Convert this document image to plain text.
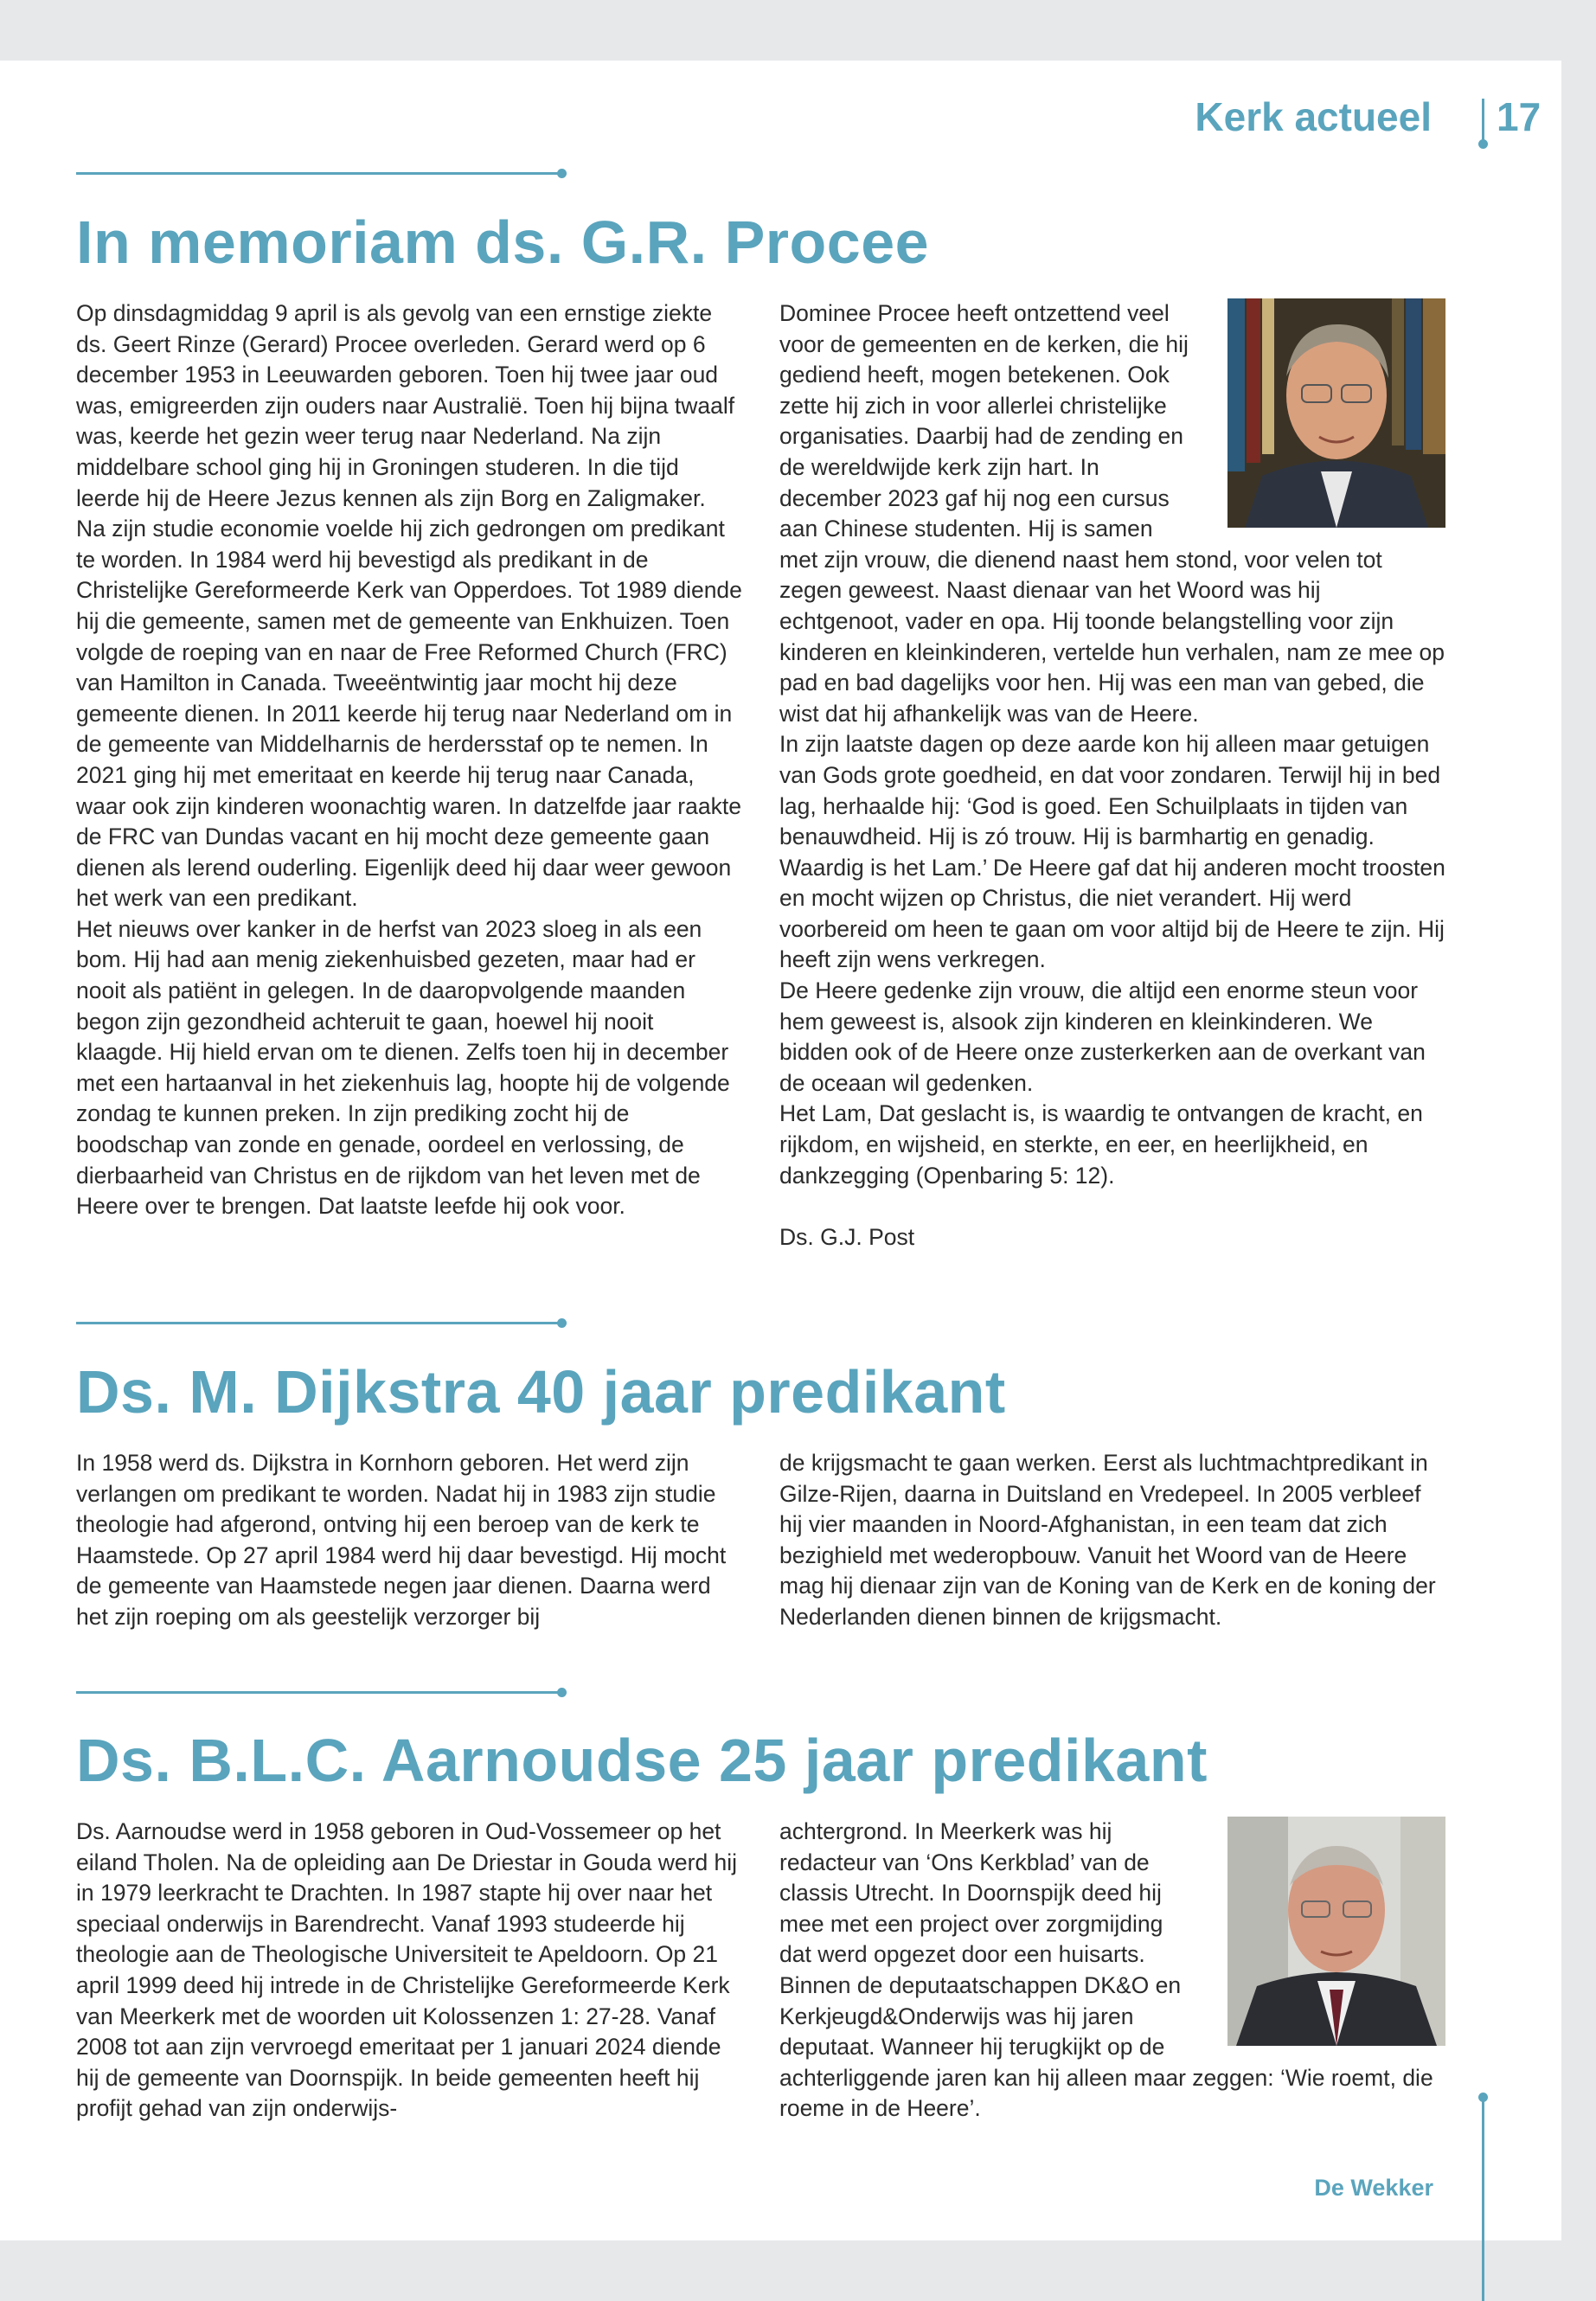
Kerk actueel 17
In memoriam ds. G.R. Procee

Op dinsdagmiddag 9 april is als gevolg van een ernstige ziekte ds. Geert Rinze (Gerard) Procee overleden. Gerard werd op 6 december 1953 in Leeuwarden geboren. Toen hij twee jaar oud was, emigreerden zijn ouders naar Australië. Toen hij bijna twaalf was, keerde het gezin weer terug naar Nederland. Na zijn middelbare school ging hij in Groningen studeren. In die tijd leerde hij de Heere Jezus kennen als zijn Borg en Zaligmaker.

Na zijn studie economie voelde hij zich gedrongen om predikant te worden. In 1984 werd hij bevestigd als predikant in de Christelijke Gereformeerde Kerk van Opperdoes. Tot 1989 diende hij die gemeente, samen met de gemeente van Enkhuizen. Toen volgde de roeping van en naar de Free Reformed Church (FRC) van Hamilton in Canada. Tweeëntwintig jaar mocht hij deze gemeente dienen. In 2011 keerde hij terug naar Nederland om in de gemeente van Middelharnis de herdersstaf op te nemen. In 2021 ging hij met emeritaat en keerde hij terug naar Canada, waar ook zijn kinderen woonachtig waren. In datzelfde jaar raakte de FRC van Dundas vacant en hij mocht deze gemeente gaan dienen als lerend ouderling. Eigenlijk deed hij daar weer gewoon het werk van een predikant.

Het nieuws over kanker in de herfst van 2023 sloeg in als een bom. Hij had aan menig ziekenhuisbed gezeten, maar had er nooit als patiënt in gelegen. In de daaropvolgende maanden begon zijn gezondheid achteruit te gaan, hoewel hij nooit klaagde. Hij hield ervan om te dienen. Zelfs toen hij in december met een hartaanval in het ziekenhuis lag, hoopte hij de volgende zondag te kunnen preken. In zijn prediking zocht hij de boodschap van zonde en genade, oordeel en verlossing, de dierbaarheid van Christus en de rijkdom van het leven met de Heere over te brengen. Dat laatste leefde hij ook voor.

Dominee Procee heeft ontzettend veel voor de gemeenten en de kerken, die hij gediend heeft, mogen betekenen. Ook zette hij zich in voor allerlei christelijke organisaties. Daarbij had de zending en de wereldwijde kerk zijn hart. In december 2023 gaf hij nog een cursus aan Chinese studenten. Hij is samen met zijn vrouw, die dienend naast hem stond, voor velen tot zegen geweest. Naast dienaar van het Woord was hij echtgenoot, vader en opa. Hij toonde belangstelling voor zijn kinderen en kleinkinderen, vertelde hun verhalen, nam ze mee op pad en bad dagelijks voor hen. Hij was een man van gebed, die wist dat hij afhankelijk was van de Heere.

In zijn laatste dagen op deze aarde kon hij alleen maar getuigen van Gods grote goedheid, en dat voor zondaren. Terwijl hij in bed lag, herhaalde hij: ‘God is goed. Een Schuilplaats in tijden van benauwdheid. Hij is zó trouw. Hij is barmhartig en genadig. Waardig is het Lam.’ De Heere gaf dat hij anderen mocht troosten en mocht wijzen op Christus, die niet verandert. Hij werd voorbereid om heen te gaan om voor altijd bij de Heere te zijn. Hij heeft zijn wens verkregen.

De Heere gedenke zijn vrouw, die altijd een enorme steun voor hem geweest is, alsook zijn kinderen en kleinkinderen. We bidden ook of de Heere onze zusterkerken aan de overkant van de oceaan wil gedenken.

Het Lam, Dat geslacht is, is waardig te ontvangen de kracht, en rijkdom, en wijsheid, en sterkte, en eer, en heerlijkheid, en dankzegging (Openbaring 5: 12).

Ds. G.J. Post

Ds. M. Dijkstra 40 jaar predikant

In 1958 werd ds. Dijkstra in Kornhorn geboren. Het werd zijn verlangen om predikant te worden. Nadat hij in 1983 zijn studie theologie had afgerond, ontving hij een beroep van de kerk te Haamstede. Op 27 april 1984 werd hij daar bevestigd. Hij mocht de gemeente van Haamstede negen jaar dienen. Daarna werd het zijn roeping om als geestelijk verzorger bij

de krijgsmacht te gaan werken. Eerst als luchtmachtpredikant in Gilze-Rijen, daarna in Duitsland en Vredepeel. In 2005 verbleef hij vier maanden in Noord-Afghanistan, in een team dat zich bezighield met wederopbouw. Vanuit het Woord van de Heere mag hij dienaar zijn van de Koning van de Kerk en de koning der Nederlanden dienen binnen de krijgsmacht.

Ds. B.L.C. Aarnoudse 25 jaar predikant

Ds. Aarnoudse werd in 1958 geboren in Oud-Vossemeer op het eiland Tholen. Na de opleiding aan De Driestar in Gouda werd hij in 1979 leerkracht te Drachten. In 1987 stapte hij over naar het speciaal onderwijs in Barendrecht. Vanaf 1993 studeerde hij theologie aan de Theologische Universiteit te Apeldoorn. Op 21 april 1999 deed hij intrede in de Christelijke Gereformeerde Kerk van Meerkerk met de woorden uit Kolossenzen 1: 27-28. Vanaf 2008 tot aan zijn vervroegd emeritaat per 1 januari 2024 diende hij de gemeente van Doornspijk. In beide gemeenten heeft hij profijt gehad van zijn onderwijs-

achtergrond. In Meerkerk was hij redacteur van ‘Ons Kerkblad’ van de classis Utrecht. In Doornspijk deed hij mee met een project over zorgmijding dat werd opgezet door een huisarts.

Binnen de deputaatschappen DK&O en Kerkjeugd&Onderwijs was hij jaren deputaat. Wanneer hij terugkijkt op de achterliggende jaren kan hij alleen maar zeggen: ‘Wie roemt, die roeme in de Heere’.

De Wekker
